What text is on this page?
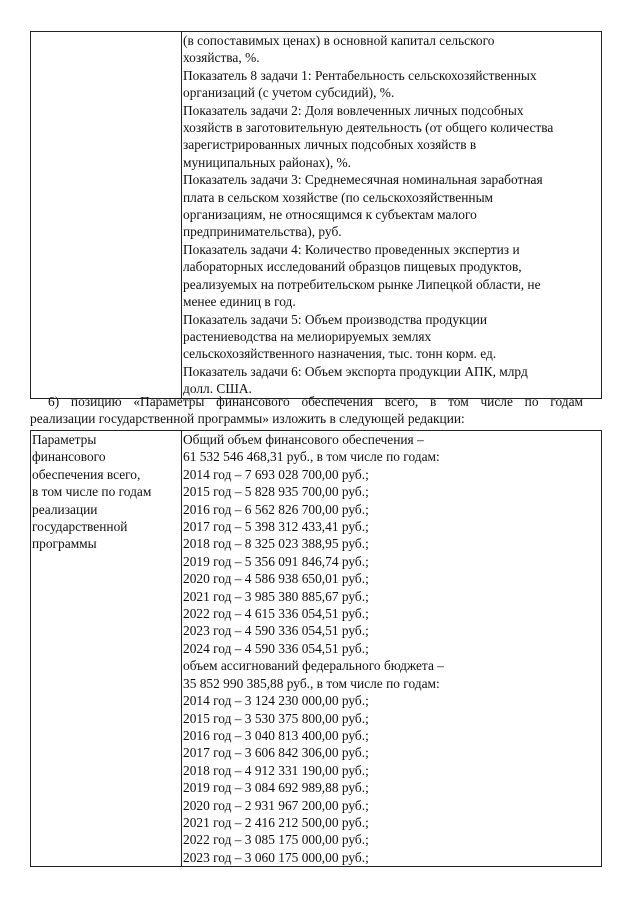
(в сопоставимых ценах) в основной капитал сельского
хозяйства, %.
Показатель 8 задачи 1: Рентабельность сельскохозяйственных
организаций (с учетом субсидий), %.
Показатель задачи 2: Доля вовлеченных личных подсобных
хозяйств в заготовительную деятельность (от общего количества
зарегистрированных личных подсобных хозяйств в
муниципальных районах), %.
Показатель задачи 3: Среднемесячная номинальная заработная
плата в сельском хозяйстве (по сельскохозяйственным
организациям, не относящимся к субъектам малого
предпринимательства), руб.
Показатель задачи 4: Количество проведенных экспертиз и
лабораторных исследований образцов пищевых продуктов,
реализуемых на потребительском рынке Липецкой области, не
менее единиц в год.
Показатель задачи 5: Объем производства продукции
растениеводства на мелиорируемых землях
сельскохозяйственного назначения, тыс. тонн корм. ед.
Показатель задачи 6: Объем экспорта продукции АПК, млрд
долл. США.
6) позицию «Параметры финансового обеспечения всего, в том числе по годам
реализации государственной программы» изложить в следующей редакции:
Параметры
финансового
обеспечения всего,
в том числе по годам
реализации
государственной
программы

Общий объем финансового обеспечения –
61 532 546 468,31 руб., в том числе по годам:
2014 год – 7 693 028 700,00 руб.;
2015 год – 5 828 935 700,00 руб.;
2016 год – 6 562 826 700,00 руб.;
2017 год – 5 398 312 433,41 руб.;
2018 год – 8 325 023 388,95 руб.;
2019 год – 5 356 091 846,74 руб.;
2020 год – 4 586 938 650,01 руб.;
2021 год – 3 985 380 885,67 руб.;
2022 год – 4 615 336 054,51 руб.;
2023 год – 4 590 336 054,51 руб.;
2024 год – 4 590 336 054,51 руб.;
объем ассигнований федерального бюджета –
35 852 990 385,88 руб., в том числе по годам:
2014 год – 3 124 230 000,00 руб.;
2015 год – 3 530 375 800,00 руб.;
2016 год – 3 040 813 400,00 руб.;
2017 год – 3 606 842 306,00 руб.;
2018 год – 4 912 331 190,00 руб.;
2019 год – 3 084 692 989,88 руб.;
2020 год – 2 931 967 200,00 руб.;
2021 год – 2 416 212 500,00 руб.;
2022 год – 3 085 175 000,00 руб.;
2023 год – 3 060 175 000,00 руб.;
